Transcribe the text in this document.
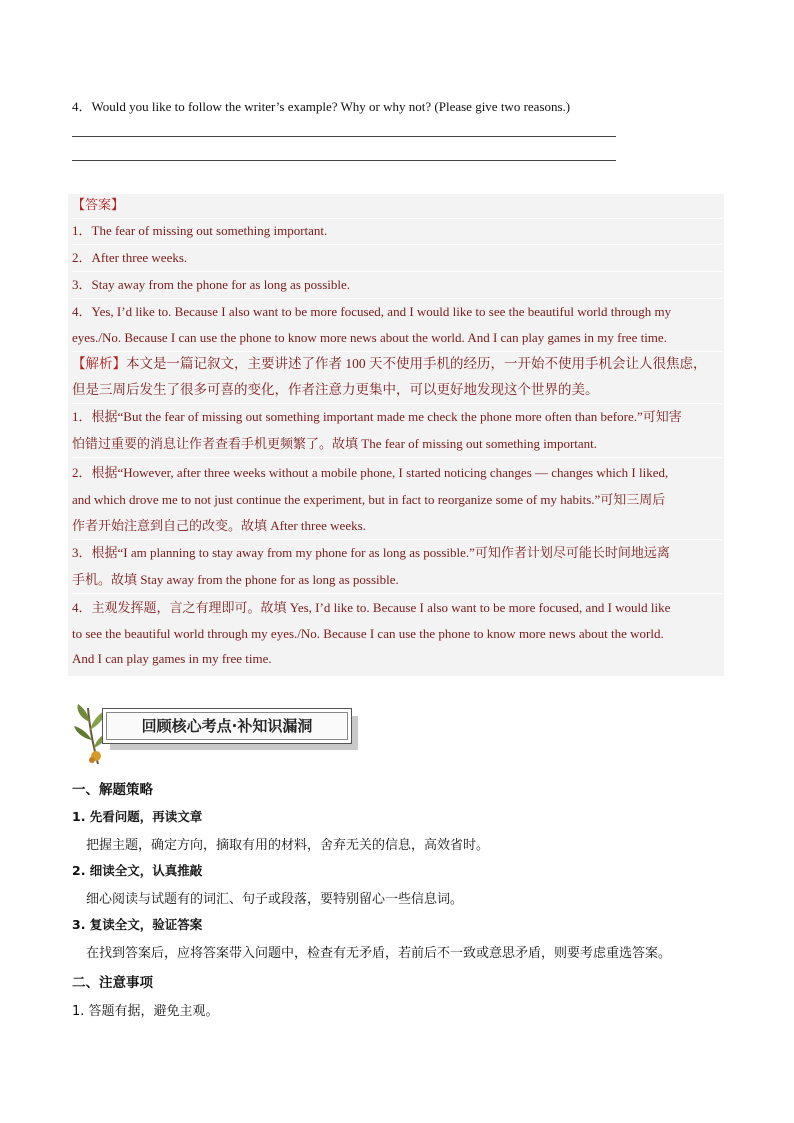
4．Would you like to follow the writer’s example? Why or why not? (Please give two reasons.)
【答案】
1．The fear of missing out something important.
2．After three weeks.
3．Stay away from the phone for as long as possible.
4．Yes, I’d like to. Because I also want to be more focused, and I would like to see the beautiful world through my
eyes./No. Because I can use the phone to know more news about the world. And I can play games in my free time.
【解析】本文是一篇记叙文，主要讲述了作者 100 天不使用手机的经历，一开始不使用手机会让人很焦虑，
但是三周后发生了很多可喜的变化，作者注意力更集中，可以更好地发现这个世界的美。
1．根据“But the fear of missing out something important made me check the phone more often than before.”可知害
怕错过重要的消息让作者查看手机更频繁了。故填 The fear of missing out something important.
2．根据“However, after three weeks without a mobile phone, I started noticing changes — changes which I liked,
and which drove me to not just continue the experiment, but in fact to reorganize some of my habits.”可知三周后
作者开始注意到自己的改变。故填 After three weeks.
3．根据“I am planning to stay away from my phone for as long as possible.”可知作者计划尽可能长时间地远离
手机。故填 Stay away from the phone for as long as possible.
4．主观发挥题，言之有理即可。故填 Yes, I’d like to. Because I also want to be more focused, and I would like
to see the beautiful world through my eyes./No. Because I can use the phone to know more news about the world.
And I can play games in my free time.
回顾核心考点·补知识漏洞
一、解题策略
1. 先看问题，再读文章
把握主题，确定方向，摘取有用的材料，舍弃无关的信息，高效省时。
2. 细读全文，认真推敲
细心阅读与试题有的词汇、句子或段落，要特别留心一些信息词。
3. 复读全文，验证答案
在找到答案后，应将答案带入问题中，检查有无矛盾，若前后不一致或意思矛盾，则要考虑重选答案。
二、注意事项
1. 答题有据，避免主观。
